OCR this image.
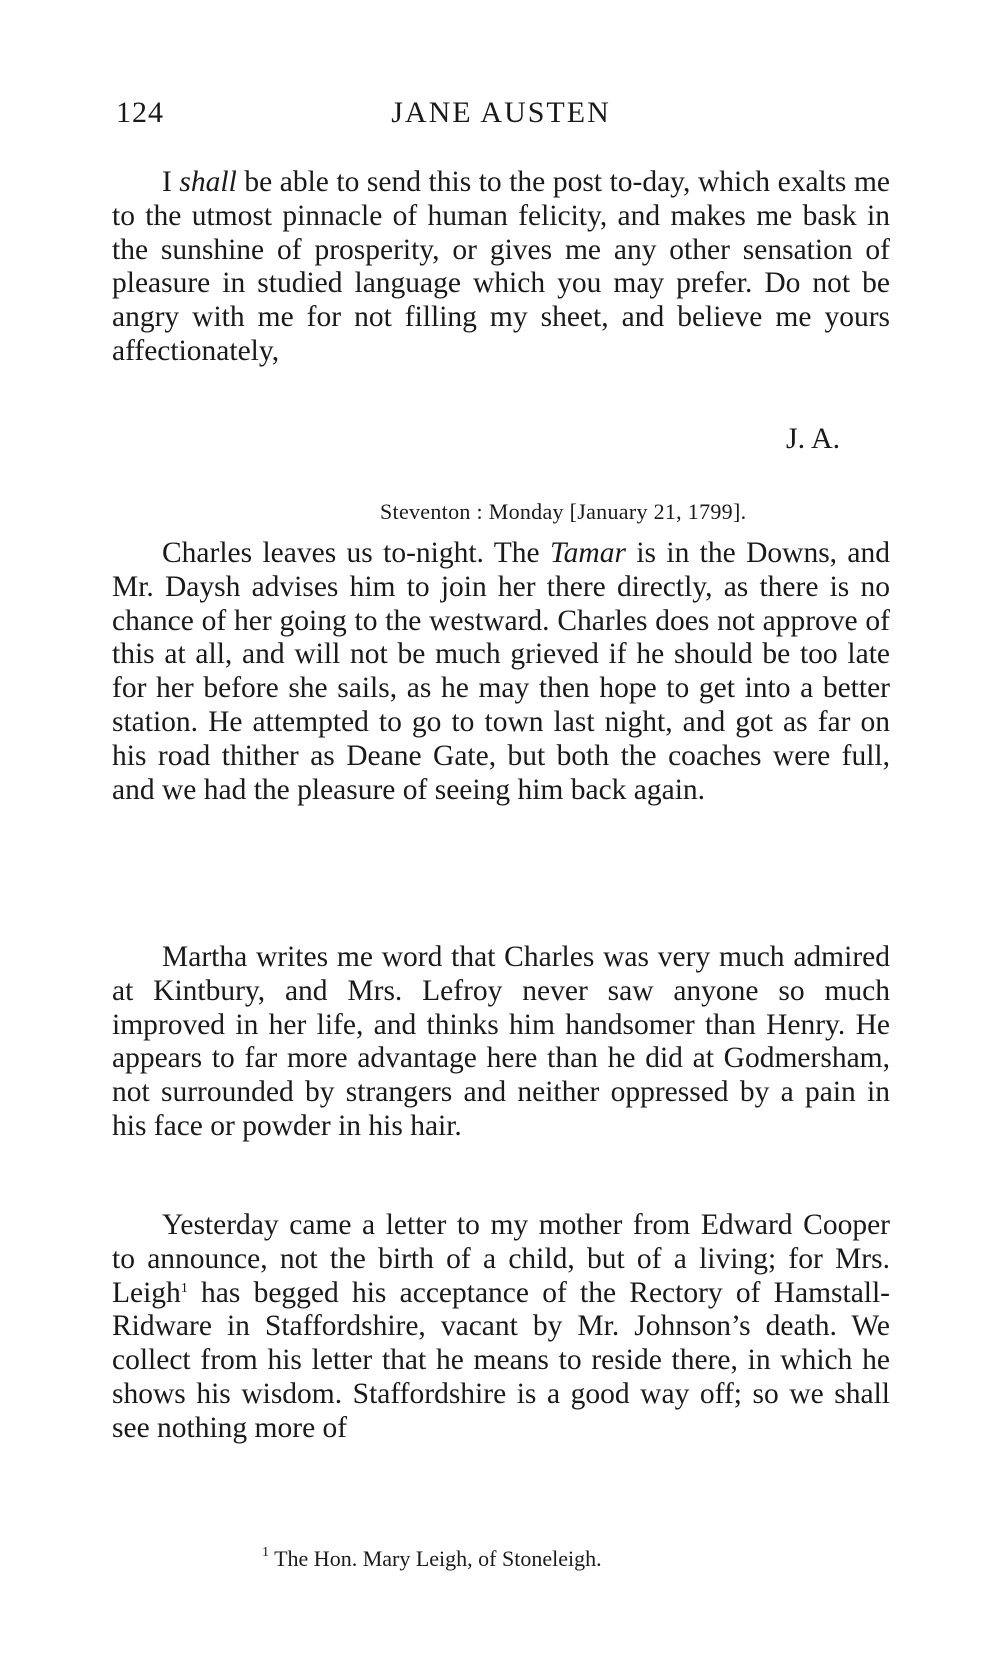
124	JANE AUSTEN

I shall be able to send this to the post to-day, which exalts me to the utmost pinnacle of human felicity, and makes me bask in the sunshine of prosperity, or gives me any other sensation of pleasure in studied language which you may prefer. Do not be angry with me for not filling my sheet, and believe me yours affectionately,

J. A.
Steventon : Monday [January 21, 1799].

Charles leaves us to-night. The Tamar is in the Downs, and Mr. Daysh advises him to join her there directly, as there is no chance of her going to the westward. Charles does not approve of this at all, and will not be much grieved if he should be too late for her before she sails, as he may then hope to get into a better station. He attempted to go to town last night, and got as far on his road thither as Deane Gate, but both the coaches were full, and we had the pleasure of seeing him back again.

Martha writes me word that Charles was very much admired at Kintbury, and Mrs. Lefroy never saw anyone so much improved in her life, and thinks him handsomer than Henry. He appears to far more advantage here than he did at Godmersham, not surrounded by strangers and neither oppressed by a pain in his face or powder in his hair.

Yesterday came a letter to my mother from Edward Cooper to announce, not the birth of a child, but of a living; for Mrs. Leigh$^1$ has begged his acceptance of the Rectory of Hamstall-Ridware in Staffordshire, vacant by Mr. Johnson’s death. We collect from his letter that he means to reside there, in which he shows his wisdom. Staffordshire is a good way off; so we shall see nothing more of

$^1$ The Hon. Mary Leigh, of Stoneleigh.
